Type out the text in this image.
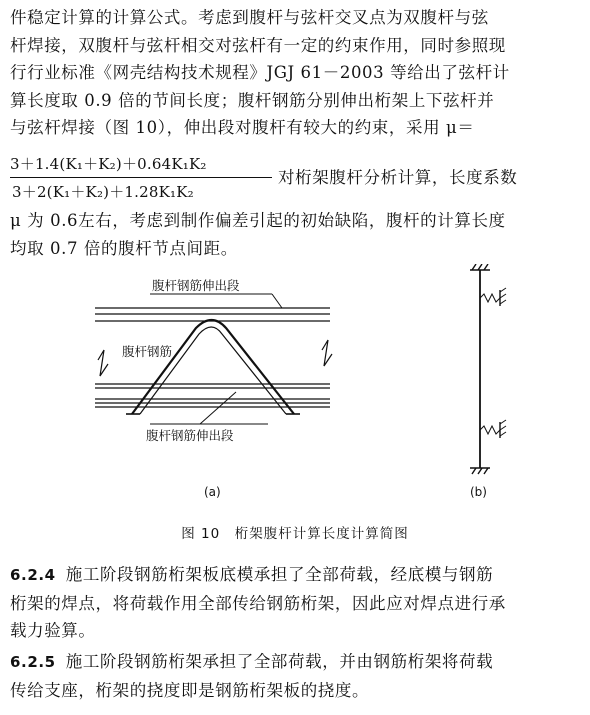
件稳定计算的计算公式。考虑到腹杆与弦杆交叉点为双腹杆与弦
杆焊接，双腹杆与弦杆相交对弦杆有一定的约束作用，同时参照现
行行业标准《网壳结构技术规程》JGJ 61－2003 等给出了弦杆计
算长度取 0.9 倍的节间长度；腹杆钢筋分别伸出桁架上下弦杆并
与弦杆焊接（图 10），伸出段对腹杆有较大的约束，采用 μ＝
3＋1.4(K₁＋K₂)＋0.64K₁K₂
3＋2(K₁＋K₂)＋1.28K₁K₂
对桁架腹杆分析计算，长度系数
μ 为 0.6左右，考虑到制作偏差引起的初始缺陷，腹杆的计算长度
均取 0.7 倍的腹杆节点间距。
腹杆钢筋伸出段
腹杆钢筋
腹杆钢筋伸出段
(a)	(b)
图 10　桁架腹杆计算长度计算简图
6.2.4 施工阶段钢筋桁架板底模承担了全部荷载，经底模与钢筋
桁架的焊点，将荷载作用全部传给钢筋桁架，因此应对焊点进行承
载力验算。
6.2.5 施工阶段钢筋桁架承担了全部荷载，并由钢筋桁架将荷载
传给支座，桁架的挠度即是钢筋桁架板的挠度。
